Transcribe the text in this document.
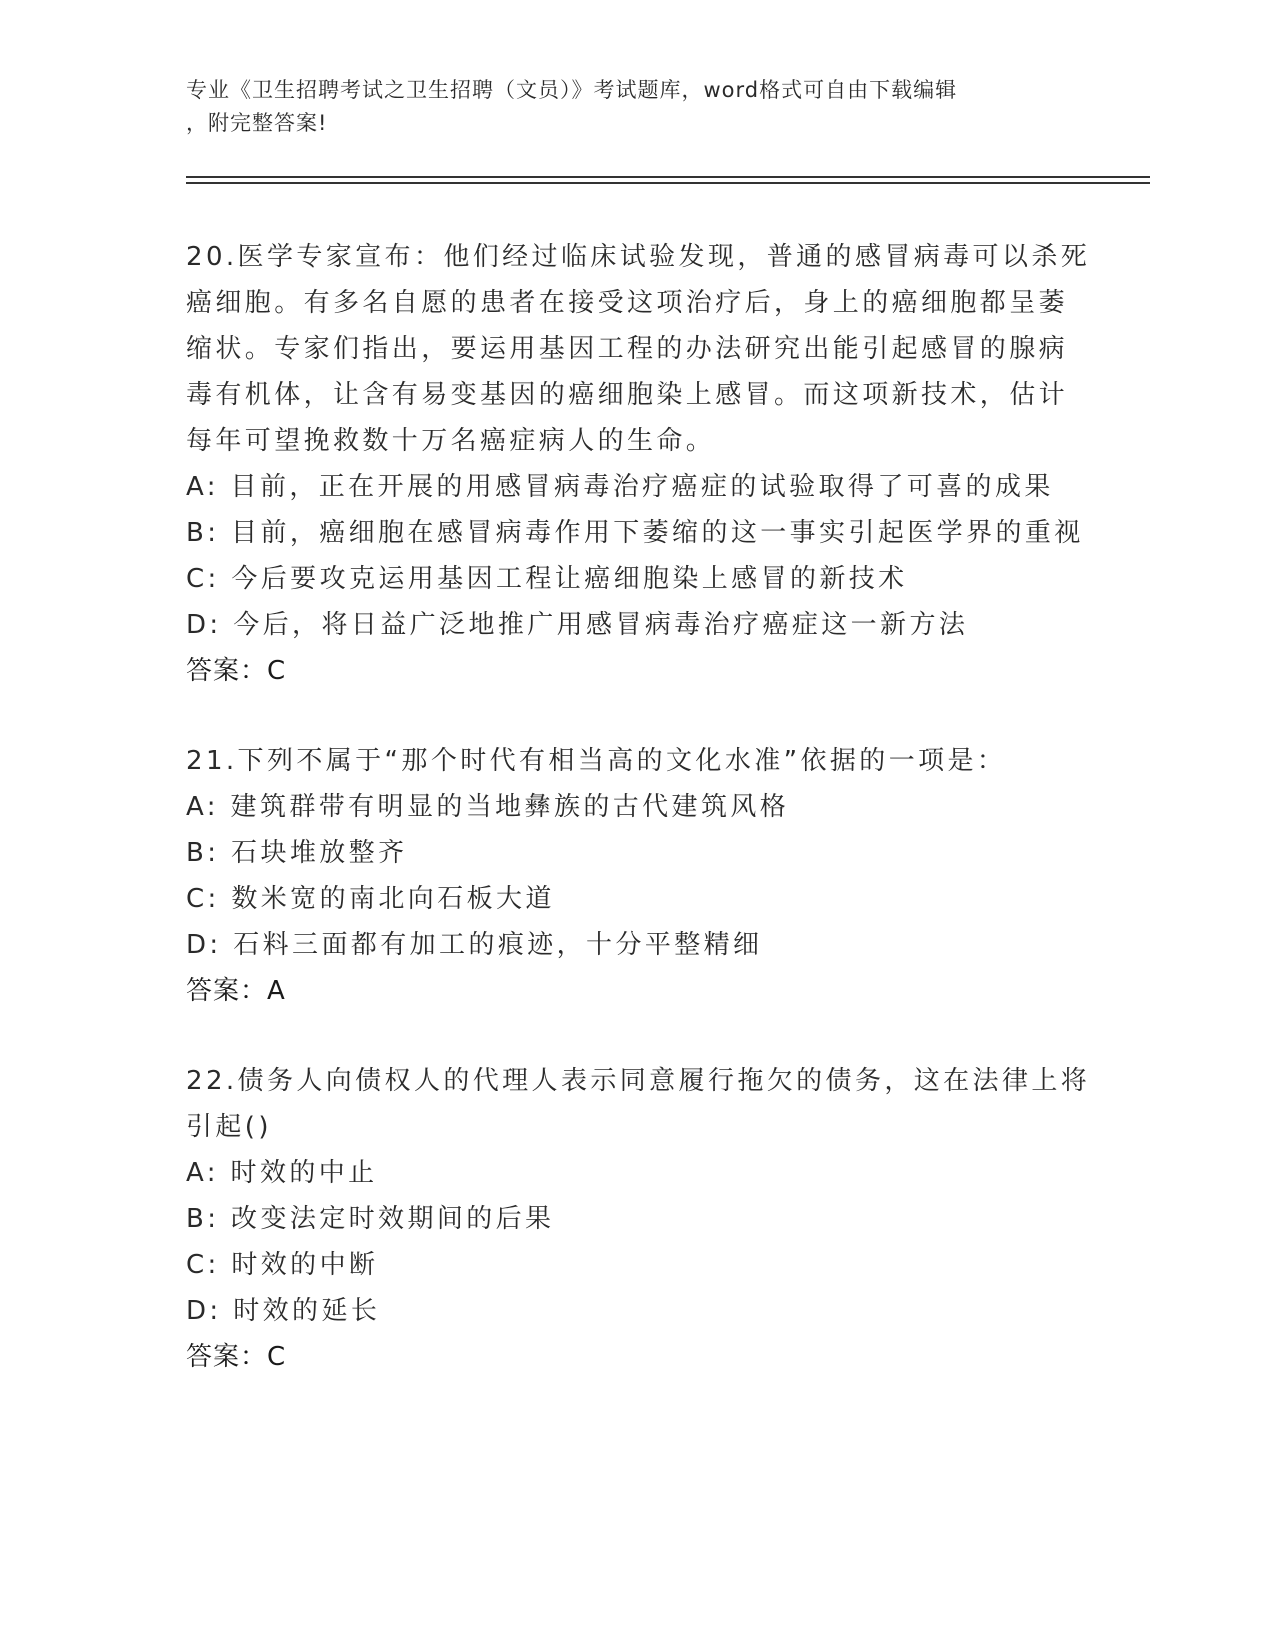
专业《卫生招聘考试之卫生招聘（文员）》考试题库，word格式可自由下载编辑
，附完整答案!
20.医学专家宣布：他们经过临床试验发现，普通的感冒病毒可以杀死
癌细胞。有多名自愿的患者在接受这项治疗后，身上的癌细胞都呈萎
缩状。专家们指出，要运用基因工程的办法研究出能引起感冒的腺病
毒有机体，让含有易变基因的癌细胞染上感冒。而这项新技术，估计
每年可望挽救数十万名癌症病人的生命。
A: 目前，正在开展的用感冒病毒治疗癌症的试验取得了可喜的成果
B: 目前，癌细胞在感冒病毒作用下萎缩的这一事实引起医学界的重视
C: 今后要攻克运用基因工程让癌细胞染上感冒的新技术
D: 今后，将日益广泛地推广用感冒病毒治疗癌症这一新方法
答案：C
21.下列不属于“那个时代有相当高的文化水准”依据的一项是：
A: 建筑群带有明显的当地彝族的古代建筑风格
B: 石块堆放整齐
C: 数米宽的南北向石板大道
D: 石料三面都有加工的痕迹，十分平整精细
答案：A
22.债务人向债权人的代理人表示同意履行拖欠的债务，这在法律上将
引起()
A: 时效的中止
B: 改变法定时效期间的后果
C: 时效的中断
D: 时效的延长
答案：C
